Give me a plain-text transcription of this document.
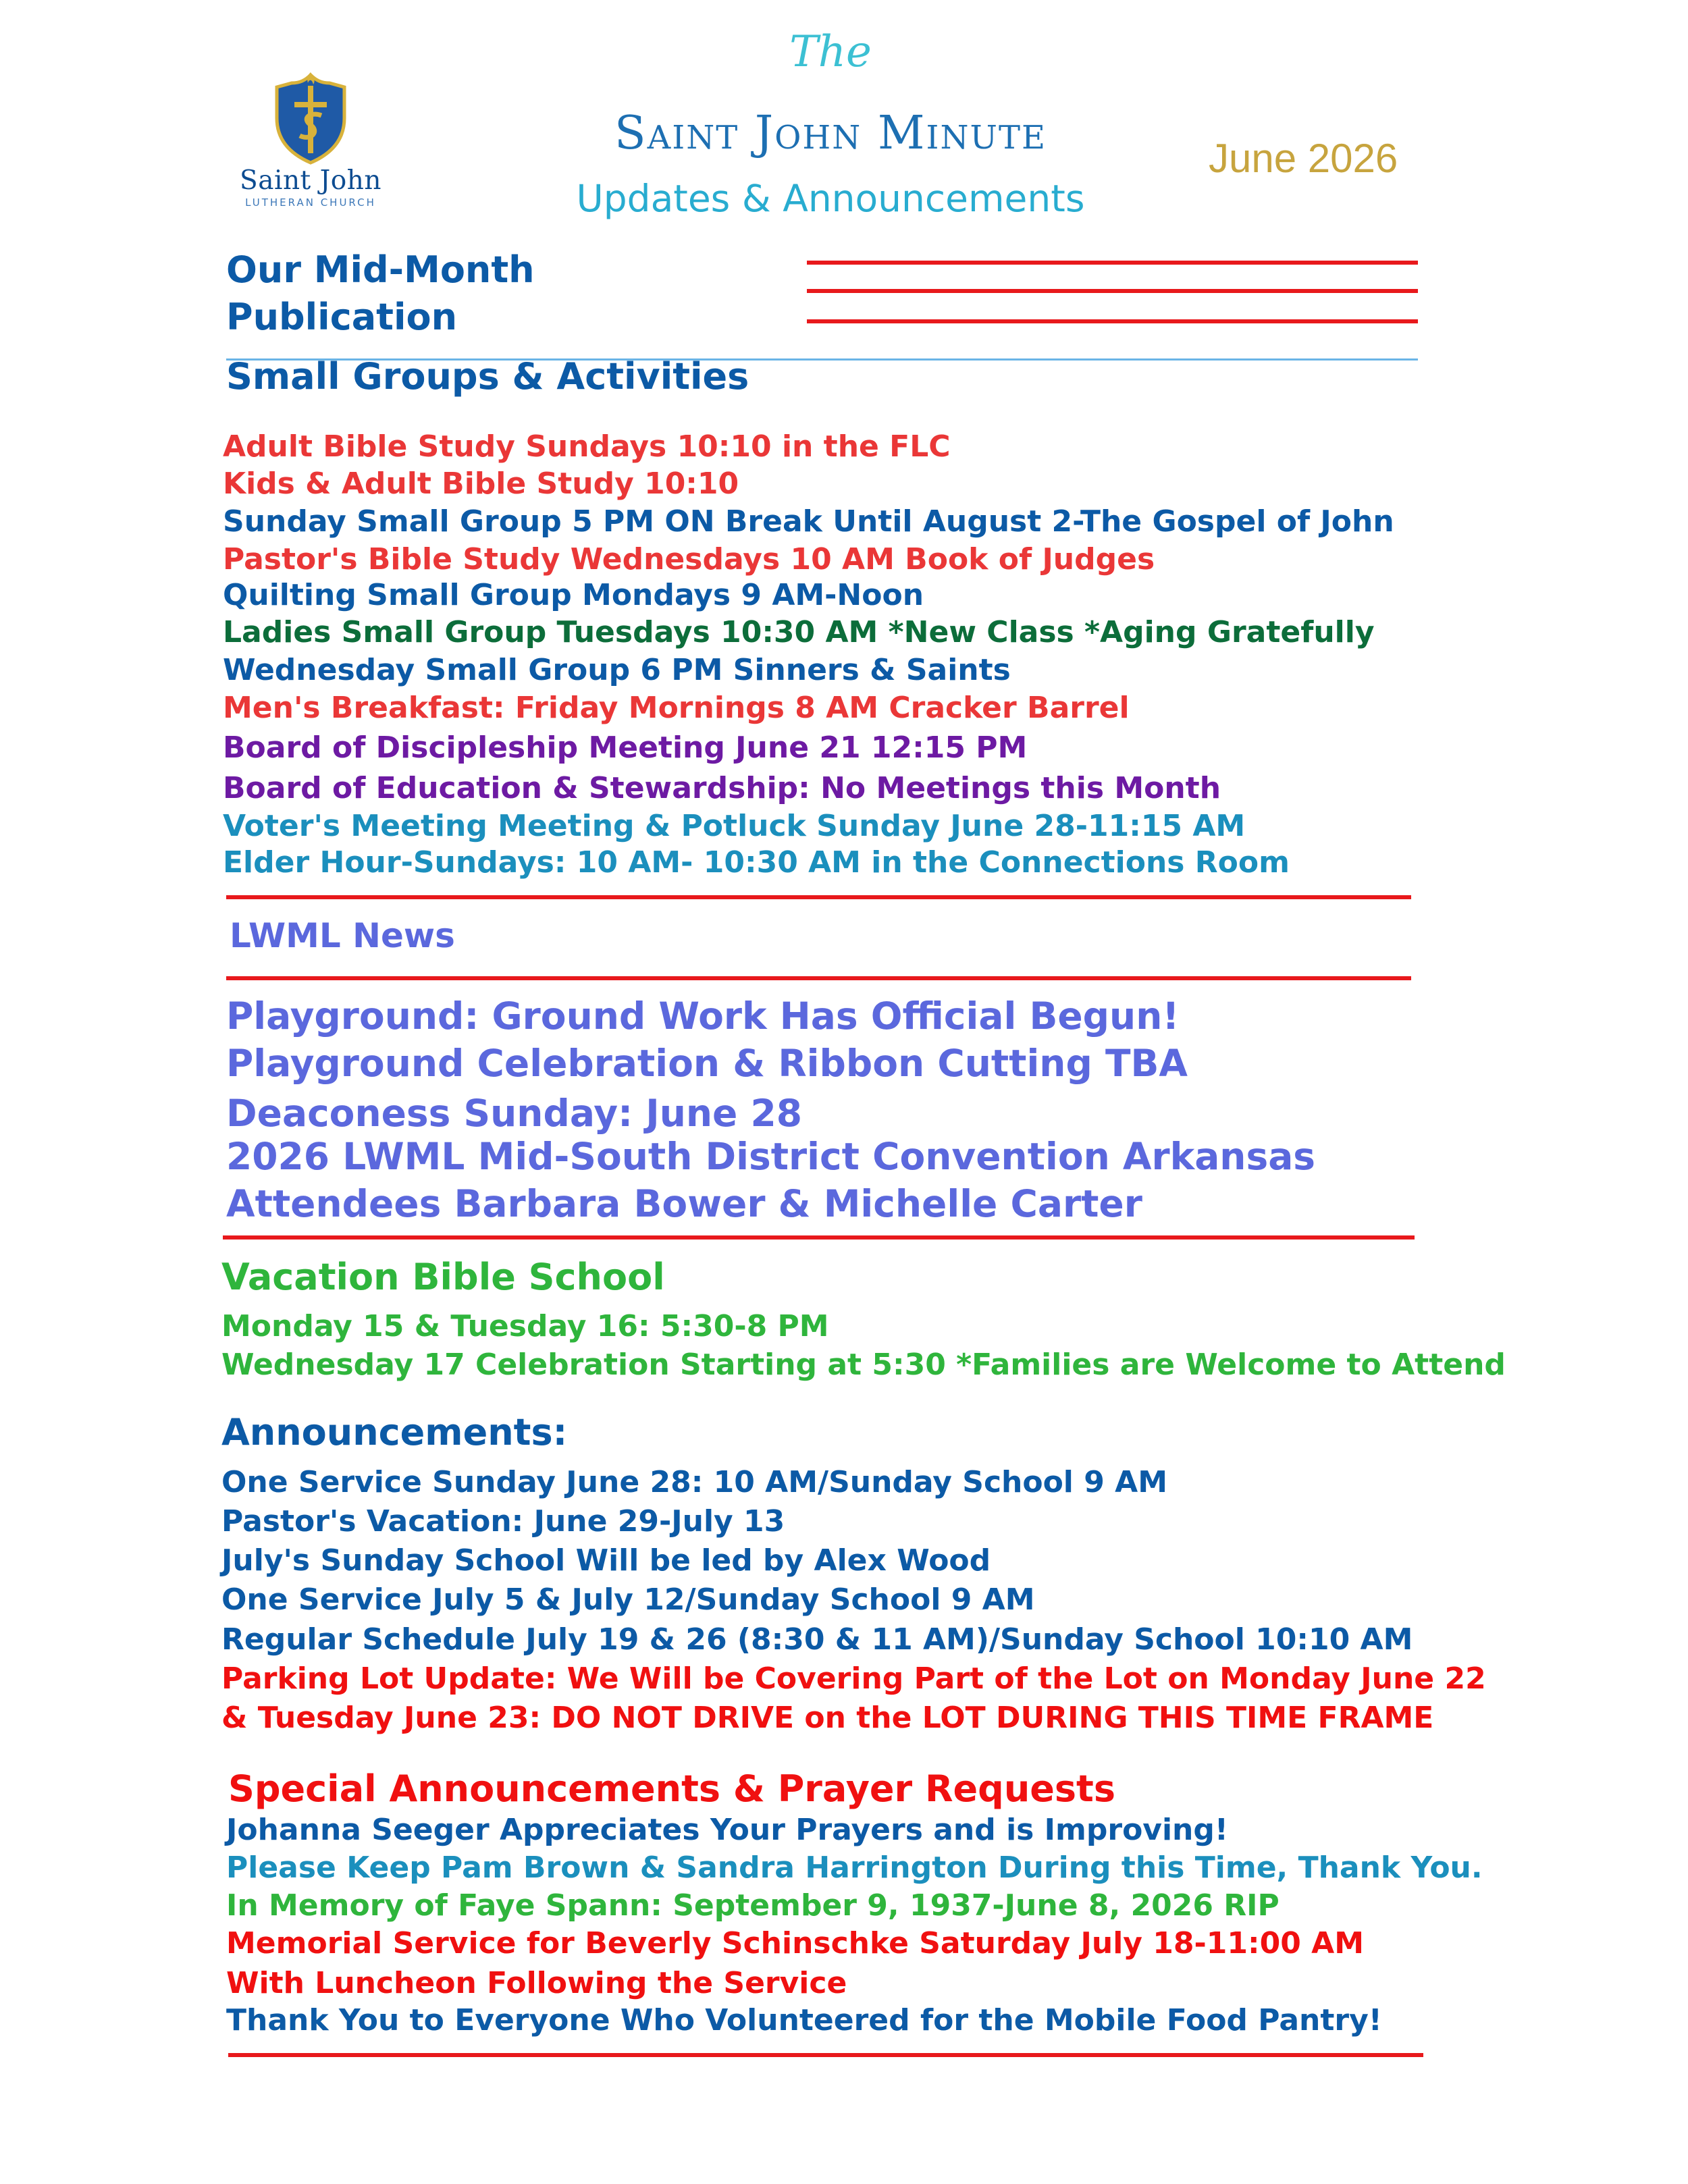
Saint John
LUTHERAN CHURCH
The
Saint John Minute
Updates & Announcements
June 2026
Our Mid-Month
Publication
Small Groups & Activities
Adult Bible Study Sundays 10:10 in the FLC
Kids & Adult Bible Study 10:10
Sunday Small Group 5 PM ON Break Until August 2-The Gospel of John
Pastor's Bible Study Wednesdays 10 AM Book of Judges
Quilting Small Group Mondays 9 AM-Noon
Ladies Small Group Tuesdays 10:30 AM *New Class *Aging Gratefully
Wednesday Small Group 6 PM Sinners & Saints
Men's Breakfast: Friday Mornings 8 AM Cracker Barrel
Board of Discipleship Meeting June 21 12:15 PM
Board of Education & Stewardship: No Meetings this Month
Voter's Meeting Meeting & Potluck Sunday June 28-11:15 AM
Elder Hour-Sundays: 10 AM- 10:30 AM in the Connections Room
LWML News
Playground: Ground Work Has Official Begun!
Playground Celebration & Ribbon Cutting TBA
Deaconess Sunday: June 28
2026 LWML Mid-South District Convention Arkansas
Attendees Barbara Bower & Michelle Carter
Vacation Bible School
Monday 15 & Tuesday 16: 5:30-8 PM
Wednesday 17 Celebration Starting at 5:30 *Families are Welcome to Attend
Announcements:
One Service Sunday June 28: 10 AM/Sunday School 9 AM
Pastor's Vacation: June 29-July 13
July's Sunday School Will be led by Alex Wood
One Service July 5 & July 12/Sunday School 9 AM
Regular Schedule July 19 & 26 (8:30 & 11 AM)/Sunday School 10:10 AM
Parking Lot Update: We Will be Covering Part of the Lot on Monday June 22
& Tuesday June 23: DO NOT DRIVE on the LOT DURING THIS TIME FRAME
Special Announcements & Prayer Requests
Johanna Seeger Appreciates Your Prayers and is Improving!
Please Keep Pam Brown & Sandra Harrington During this Time, Thank You.
In Memory of Faye Spann: September 9, 1937-June 8, 2026 RIP
Memorial Service for Beverly Schinschke Saturday July 18-11:00 AM
With Luncheon Following the Service
Thank You to Everyone Who Volunteered for the Mobile Food Pantry!
